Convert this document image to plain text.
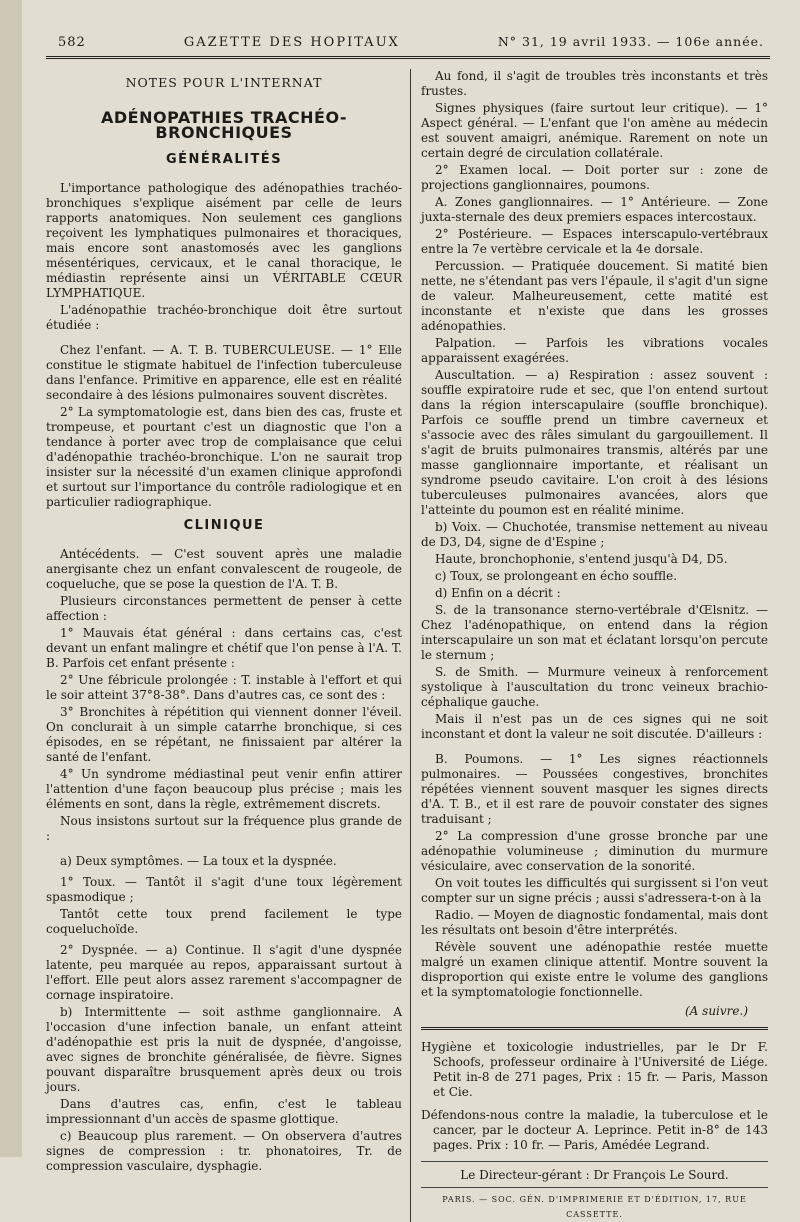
582	GAZETTE DES HOPITAUX	N° 31, 19 avril 1933. — 106e année.
NOTES POUR L'INTERNAT
ADÉNOPATHIES TRACHÉO-BRONCHIQUES
GÉNÉRALITÉS

L'importance pathologique des adénopathies trachéo-bronchiques s'explique aisément par celle de leurs rapports anatomiques. Non seulement ces ganglions reçoivent les lymphatiques pulmonaires et thoraciques, mais encore sont anastomosés avec les ganglions mésentériques, cervicaux, et le canal thoracique, le médiastin représente ainsi un VÉRITABLE CŒUR LYMPHATIQUE.

L'adénopathie trachéo-bronchique doit être surtout étudiée :

Chez l'enfant. — A. T. B. TUBERCULEUSE. — 1° Elle constitue le stigmate habituel de l'infection tuberculeuse dans l'enfance. Primitive en apparence, elle est en réalité secondaire à des lésions pulmonaires souvent discrètes.

2° La symptomatologie est, dans bien des cas, fruste et trompeuse, et pourtant c'est un diagnostic que l'on a tendance à porter avec trop de complaisance que celui d'adénopathie trachéo-bronchique. L'on ne saurait trop insister sur la nécessité d'un examen clinique approfondi et surtout sur l'importance du contrôle radiologique et en particulier radiographique.

CLINIQUE

Antécédents. — C'est souvent après une maladie anergisante chez un enfant convalescent de rougeole, de coqueluche, que se pose la question de l'A. T. B.

Plusieurs circonstances permettent de penser à cette affection :

1° Mauvais état général : dans certains cas, c'est devant un enfant malingre et chétif que l'on pense à l'A. T. B. Parfois cet enfant présente :

2° Une fébricule prolongée : T. instable à l'effort et qui le soir atteint 37°8-38°. Dans d'autres cas, ce sont des :

3° Bronchites à répétition qui viennent donner l'éveil. On conclurait à un simple catarrhe bronchique, si ces épisodes, en se répétant, ne finissaient par altérer la santé de l'enfant.

4° Un syndrome médiastinal peut venir enfin attirer l'attention d'une façon beaucoup plus précise ; mais les éléments en sont, dans la règle, extrêmement discrets.

Nous insistons surtout sur la fréquence plus grande de :

a) Deux symptômes. — La toux et la dyspnée.

1° Toux. — Tantôt il s'agit d'une toux légèrement spasmodique ;

Tantôt cette toux prend facilement le type coqueluchoïde.

2° Dyspnée. — a) Continue. Il s'agit d'une dyspnée latente, peu marquée au repos, apparaissant surtout à l'effort. Elle peut alors assez rarement s'accompagner de cornage inspiratoire.

b) Intermittente — soit asthme ganglionnaire. A l'occasion d'une infection banale, un enfant atteint d'adénopathie est pris la nuit de dyspnée, d'angoisse, avec signes de bronchite généralisée, de fièvre. Signes pouvant disparaître brusquement après deux ou trois jours.

Dans d'autres cas, enfin, c'est le tableau impressionnant d'un accès de spasme glottique.

c) Beaucoup plus rarement. — On observera d'autres signes de compression : tr. phonatoires, Tr. de compression vasculaire, dysphagie.

Au fond, il s'agit de troubles très inconstants et très frustes.

Signes physiques (faire surtout leur critique). — 1° Aspect général. — L'enfant que l'on amène au médecin est souvent amaigri, anémique. Rarement on note un certain degré de circulation collatérale.

2° Examen local. — Doit porter sur : zone de projections ganglionnaires, poumons.

A. Zones ganglionnaires. — 1° Antérieure. — Zone juxta-sternale des deux premiers espaces intercostaux.

2° Postérieure. — Espaces interscapulo-vertébraux entre la 7e vertèbre cervicale et la 4e dorsale.

Percussion. — Pratiquée doucement. Si matité bien nette, ne s'étendant pas vers l'épaule, il s'agit d'un signe de valeur. Malheureusement, cette matité est inconstante et n'existe que dans les grosses adénopathies.

Palpation. — Parfois les vibrations vocales apparaissent exagérées.

Auscultation. — a) Respiration : assez souvent : souffle expiratoire rude et sec, que l'on entend surtout dans la région interscapulaire (souffle bronchique). Parfois ce souffle prend un timbre caverneux et s'associe avec des râles simulant du gargouillement. Il s'agit de bruits pulmonaires transmis, altérés par une masse ganglionnaire importante, et réalisant un syndrome pseudo cavitaire. L'on croit à des lésions tuberculeuses pulmonaires avancées, alors que l'atteinte du poumon est en réalité minime.

b) Voix. — Chuchotée, transmise nettement au niveau de D3, D4, signe de d'Espine ;

Haute, bronchophonie, s'entend jusqu'à D4, D5.

c) Toux, se prolongeant en écho souffle.

d) Enfin on a décrit :

S. de la transonance sterno-vertébrale d'Œlsnitz. — Chez l'adénopathique, on entend dans la région interscapulaire un son mat et éclatant lorsqu'on percute le sternum ;

S. de Smith. — Murmure veineux à renforcement systolique à l'auscultation du tronc veineux brachio-céphalique gauche.

Mais il n'est pas un de ces signes qui ne soit inconstant et dont la valeur ne soit discutée. D'ailleurs :

B. Poumons. — 1° Les signes réactionnels pulmonaires. — Poussées congestives, bronchites répétées viennent souvent masquer les signes directs d'A. T. B., et il est rare de pouvoir constater des signes traduisant ;

2° La compression d'une grosse bronche par une adénopathie volumineuse ; diminution du murmure vésiculaire, avec conservation de la sonorité.

On voit toutes les difficultés qui surgissent si l'on veut compter sur un signe précis ; aussi s'adressera-t-on à la

Radio. — Moyen de diagnostic fondamental, mais dont les résultats ont besoin d'être interprétés.

Révèle souvent une adénopathie restée muette malgré un examen clinique attentif. Montre souvent la disproportion qui existe entre le volume des ganglions et la symptomatologie fonctionnelle.

(A suivre.)

Hygiène et toxicologie industrielles, par le Dr F. Schoofs, professeur ordinaire à l'Université de Liége. Petit in-8 de 271 pages, Prix : 15 fr. — Paris, Masson et Cie.

Défendons-nous contre la maladie, la tuberculose et le cancer, par le docteur A. Leprince. Petit in-8° de 143 pages. Prix : 10 fr. — Paris, Amédée Legrand.

Le Directeur-gérant : Dr François Le Sourd.
PARIS. — SOC. GÉN. D'IMPRIMERIE ET D'ÉDITION, 17, RUE CASSETTE.
